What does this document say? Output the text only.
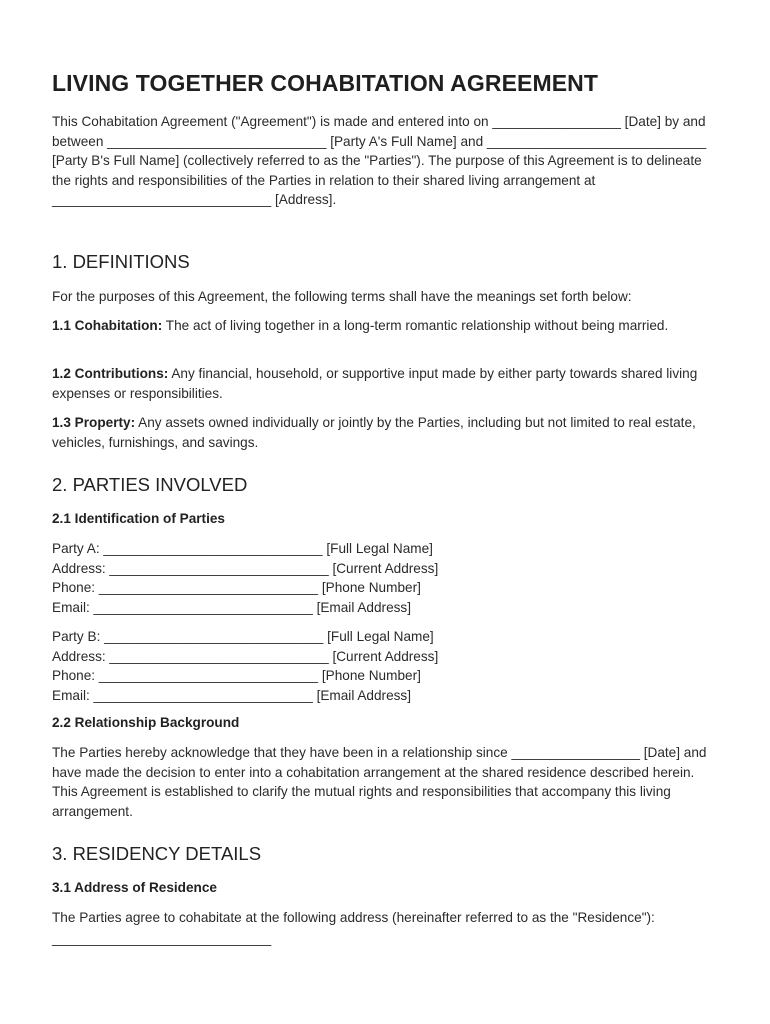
LIVING TOGETHER COHABITATION AGREEMENT

This Cohabitation Agreement ("Agreement") is made and entered into on _________________ [Date] by and between _____________________________ [Party A's Full Name] and _____________________________ [Party B's Full Name] (collectively referred to as the "Parties"). The purpose of this Agreement is to delineate the rights and responsibilities of the Parties in relation to their shared living arrangement at _____________________________ [Address].

1. DEFINITIONS

For the purposes of this Agreement, the following terms shall have the meanings set forth below:

1.1 Cohabitation: The act of living together in a long-term romantic relationship without being married.

1.2 Contributions: Any financial, household, or supportive input made by either party towards shared living expenses or responsibilities.

1.3 Property: Any assets owned individually or jointly by the Parties, including but not limited to real estate, vehicles, furnishings, and savings.

2. PARTIES INVOLVED
2.1 Identification of Parties
Party A: _____________________________ [Full Legal Name]
Address: _____________________________ [Current Address]
Phone: _____________________________ [Phone Number]
Email: _____________________________ [Email Address]
Party B: _____________________________ [Full Legal Name]
Address: _____________________________ [Current Address]
Phone: _____________________________ [Phone Number]
Email: _____________________________ [Email Address]
2.2 Relationship Background

The Parties hereby acknowledge that they have been in a relationship since _________________ [Date] and have made the decision to enter into a cohabitation arrangement at the shared residence described herein. This Agreement is established to clarify the mutual rights and responsibilities that accompany this living arrangement.

3. RESIDENCY DETAILS
3.1 Address of Residence

The Parties agree to cohabitate at the following address (hereinafter referred to as the "Residence"):

_____________________________
